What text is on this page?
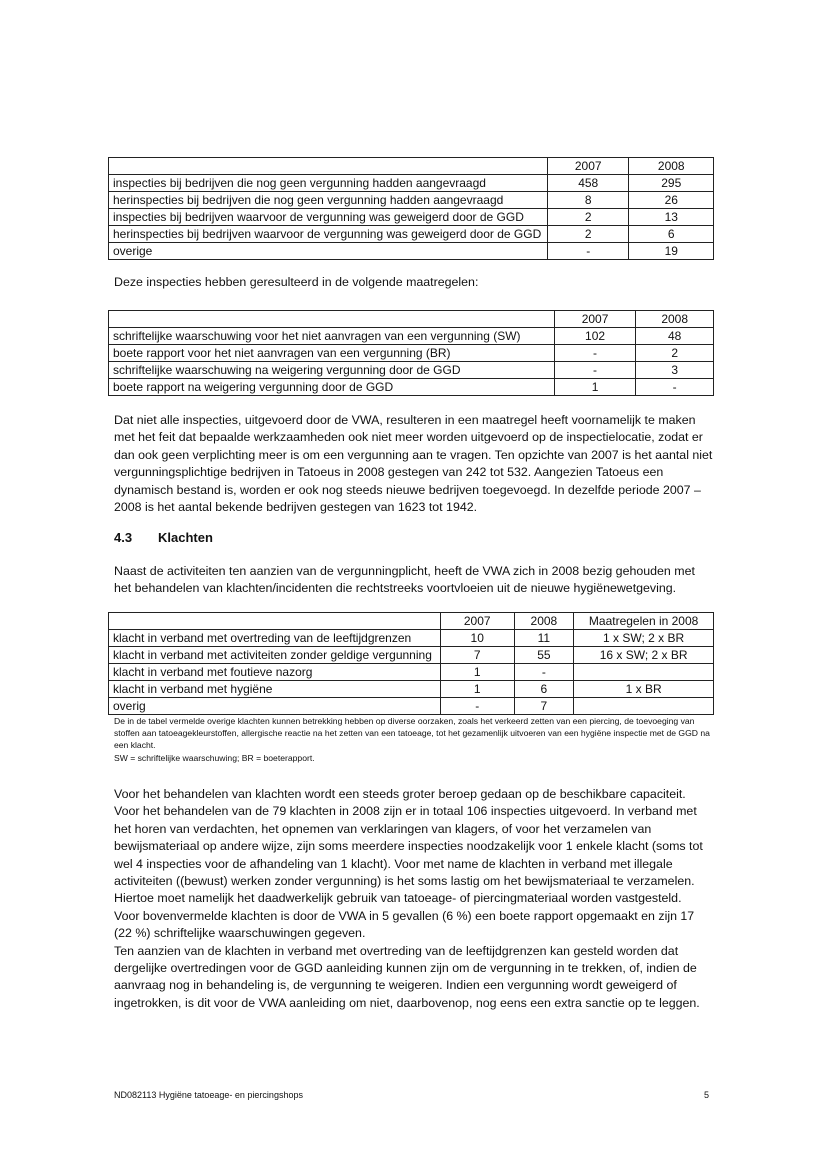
	2007	2008
inspecties bij bedrijven die nog geen vergunning hadden aangevraagd	458	295
herinspecties bij bedrijven die nog geen vergunning hadden aangevraagd	8	26
inspecties bij bedrijven waarvoor de vergunning was geweigerd door de GGD	2	13
herinspecties bij bedrijven waarvoor de vergunning was geweigerd door de GGD	2	6
overige	-	19

Deze inspecties hebben geresulteerd in de volgende maatregelen:

	2007	2008
schriftelijke waarschuwing voor het niet aanvragen van een vergunning (SW)	102	48
boete rapport voor het niet aanvragen van een vergunning (BR)	-	2
schriftelijke waarschuwing na weigering vergunning door de GGD	-	3
boete rapport na weigering vergunning door de GGD	1	-

Dat niet alle inspecties, uitgevoerd door de VWA, resulteren in een maatregel heeft voornamelijk te maken met het feit dat bepaalde werkzaamheden ook niet meer worden uitgevoerd op de inspectielocatie, zodat er dan ook geen verplichting meer is om een vergunning aan te vragen. Ten opzichte van 2007 is het aantal niet vergunningsplichtige bedrijven in Tatoeus in 2008 gestegen van 242 tot 532. Aangezien Tatoeus een dynamisch bestand is, worden er ook nog steeds nieuwe bedrijven toegevoegd. In dezelfde periode 2007 – 2008 is het aantal bekende bedrijven gestegen van 1623 tot 1942.

4.3 Klachten

Naast de activiteiten ten aanzien van de vergunningplicht, heeft de VWA zich in 2008 bezig gehouden met het behandelen van klachten/incidenten die rechtstreeks voortvloeien uit de nieuwe hygiënewetgeving.

	2007	2008	Maatregelen in 2008
klacht in verband met overtreding van de leeftijdgrenzen	10	11	1 x SW; 2 x BR
klacht in verband met activiteiten zonder geldige vergunning	7	55	16 x SW; 2 x BR
klacht in verband met foutieve nazorg	1	-	
klacht in verband met hygiëne	1	6	1 x BR
overig	-	7	
De in de tabel vermelde overige klachten kunnen betrekking hebben op diverse oorzaken, zoals het verkeerd zetten van een piercing, de toevoeging van stoffen aan tatoeagekleurstoffen, allergische reactie na het zetten van een tatoeage, tot het gezamenlijk uitvoeren van een hygiëne inspectie met de GGD na een klacht.
SW = schriftelijke waarschuwing; BR = boeterapport.
Voor het behandelen van klachten wordt een steeds groter beroep gedaan op de beschikbare capaciteit. Voor het behandelen van de 79 klachten in 2008 zijn er in totaal 106 inspecties uitgevoerd. In verband met het horen van verdachten, het opnemen van verklaringen van klagers, of voor het verzamelen van bewijsmateriaal op andere wijze, zijn soms meerdere inspecties noodzakelijk voor 1 enkele klacht (soms tot wel 4 inspecties voor de afhandeling van 1 klacht). Voor met name de klachten in verband met illegale activiteiten ((bewust) werken zonder vergunning) is het soms lastig om het bewijsmateriaal te verzamelen. Hiertoe moet namelijk het daadwerkelijk gebruik van tatoeage- of piercingmateriaal worden vastgesteld.
Voor bovenvermelde klachten is door de VWA in 5 gevallen (6 %) een boete rapport opgemaakt en zijn 17 (22 %) schriftelijke waarschuwingen gegeven.
Ten aanzien van de klachten in verband met overtreding van de leeftijdgrenzen kan gesteld worden dat dergelijke overtredingen voor de GGD aanleiding kunnen zijn om de vergunning in te trekken, of, indien de aanvraag nog in behandeling is, de vergunning te weigeren. Indien een vergunning wordt geweigerd of ingetrokken, is dit voor de VWA aanleiding om niet, daarbovenop, nog eens een extra sanctie op te leggen.
ND082113 Hygiëne tatoeage- en piercingshops	5
